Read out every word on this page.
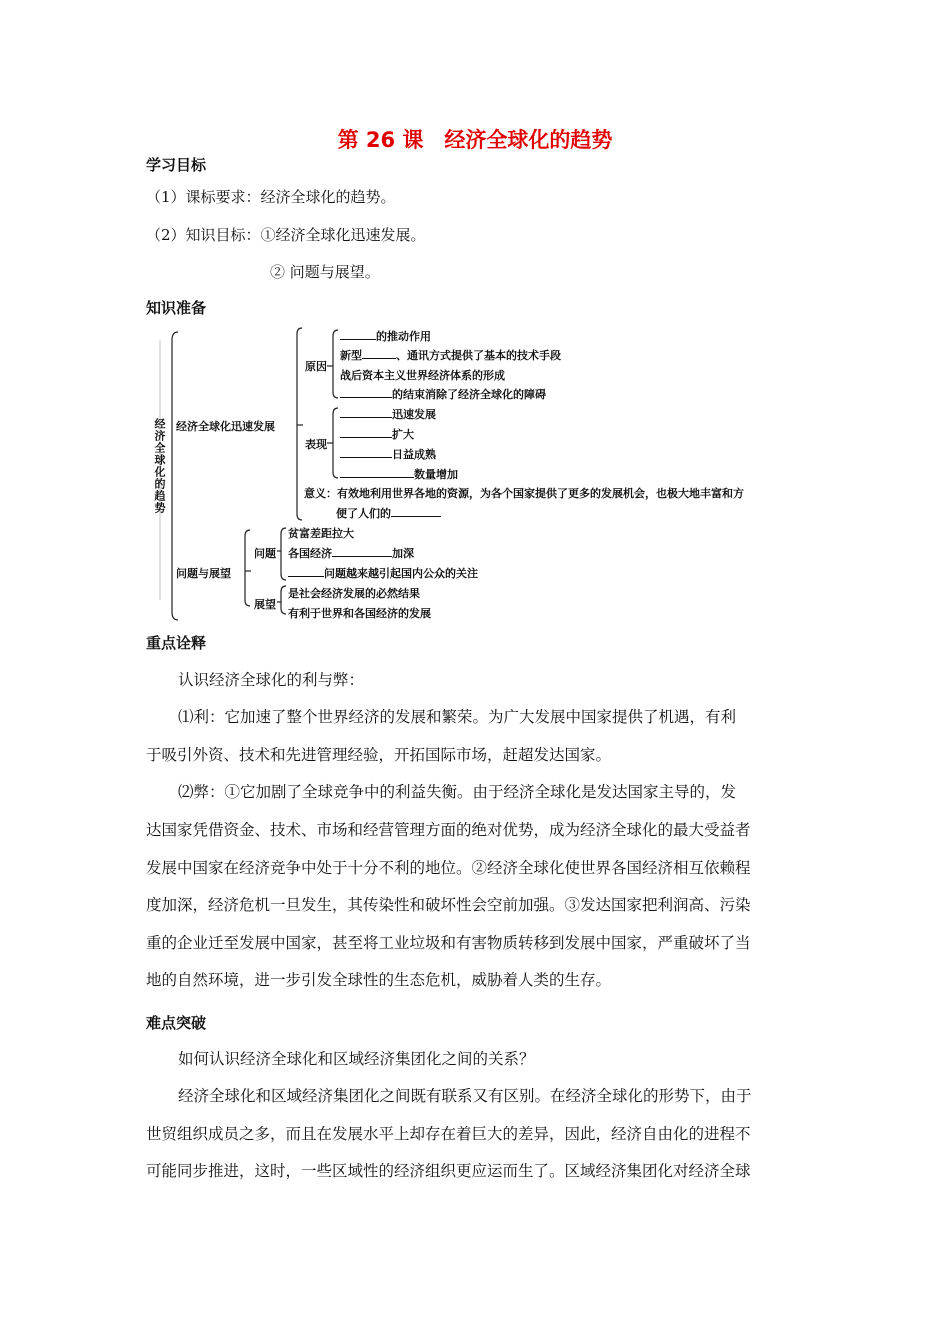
第 26 课　经济全球化的趋势
学习目标
（1）课标要求：经济全球化的趋势。
（2）知识目标：①经济全球化迅速发展。
② 问题与展望。
知识准备
经济全球化的趋势 经济全球化迅速发展
原因
的推动作用
新型	、通讯方式提供了基本的技术手段
战后资本主义世界经济体系的形成
的结束消除了经济全球化的障碍
表现
迅速发展
扩大
日益成熟
数量增加
意义：有效地利用世界各地的资源，为各个国家提供了更多的发展机会，也极大地丰富和方
便了人们的
问题与展望
问题
贫富差距拉大
各国经济	加深
问题越来越引起国内公众的关注
展望
是社会经济发展的必然结果
有利于世界和各国经济的发展
重点诠释
认识经济全球化的利与弊：
⑴利：它加速了整个世界经济的发展和繁荣。为广大发展中国家提供了机遇，有利
于吸引外资、技术和先进管理经验，开拓国际市场，赶超发达国家。
⑵弊：①它加剧了全球竞争中的利益失衡。由于经济全球化是发达国家主导的，发
达国家凭借资金、技术、市场和经营管理方面的绝对优势，成为经济全球化的最大受益者
发展中国家在经济竞争中处于十分不利的地位。②经济全球化使世界各国经济相互依赖程
度加深，经济危机一旦发生，其传染性和破坏性会空前加强。③发达国家把利润高、污染
重的企业迁至发展中国家，甚至将工业垃圾和有害物质转移到发展中国家，严重破坏了当
地的自然环境，进一步引发全球性的生态危机，威胁着人类的生存。
难点突破
如何认识经济全球化和区域经济集团化之间的关系？
经济全球化和区域经济集团化之间既有联系又有区别。在经济全球化的形势下，由于
世贸组织成员之多，而且在发展水平上却存在着巨大的差异，因此，经济自由化的进程不
可能同步推进，这时，一些区域性的经济组织更应运而生了。区域经济集团化对经济全球
